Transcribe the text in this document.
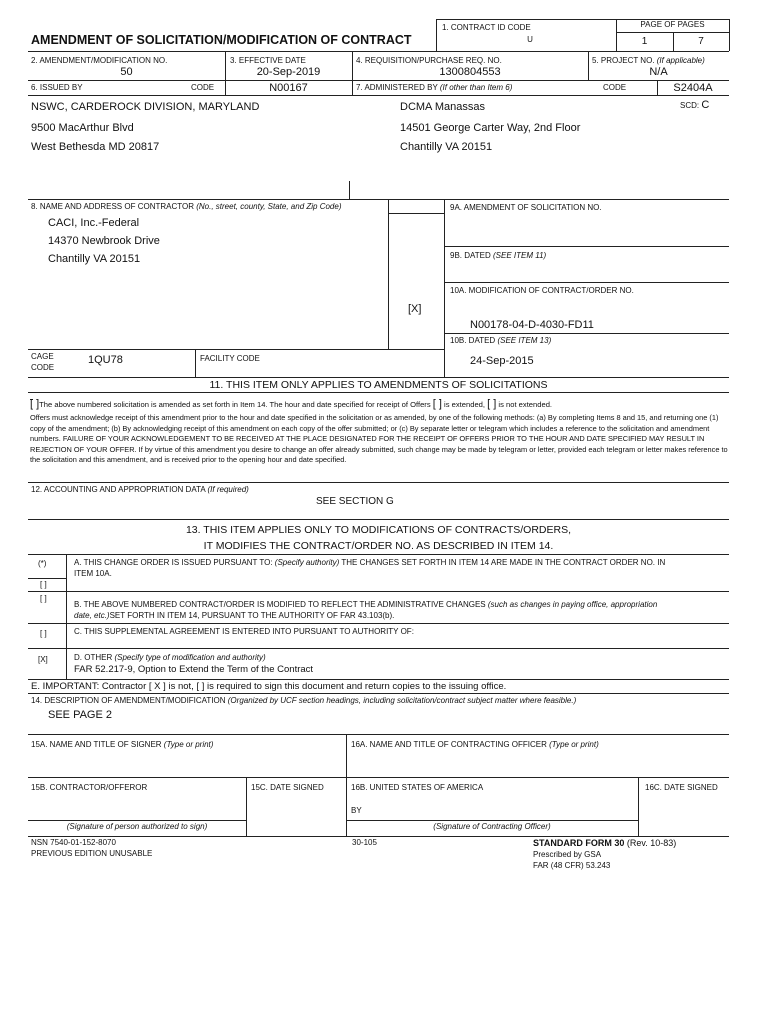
AMENDMENT OF SOLICITATION/MODIFICATION OF CONTRACT
1. CONTRACT ID CODE
U
PAGE OF PAGES
1	7
2. AMENDMENT/MODIFICATION NO.
50
3. EFFECTIVE DATE
20-Sep-2019
4. REQUISITION/PURCHASE REQ. NO.
1300804553
5. PROJECT NO. (If applicable)
N/A
6. ISSUED BY	CODE	N00167	7. ADMINISTERED BY (If other than Item 6)	CODE	S2404A
SCD: C
NSWC, CARDEROCK DIVISION, MARYLAND
9500 MacArthur Blvd
West Bethesda MD 20817
DCMA Manassas
14501 George Carter Way, 2nd Floor
Chantilly VA 20151
8. NAME AND ADDRESS OF CONTRACTOR (No., street, county, State, and Zip Code)
CACI, Inc.-Federal
14370 Newbrook Drive
Chantilly VA 20151
CAGE
CODE
1QU78	FACILITY CODE
9A. AMENDMENT OF SOLICITATION NO.
9B. DATED (SEE ITEM 11)
[X]
10A. MODIFICATION OF CONTRACT/ORDER NO.
N00178-04-D-4030-FD11
10B. DATED (SEE ITEM 13)
24-Sep-2015
11. THIS ITEM ONLY APPLIES TO AMENDMENTS OF SOLICITATIONS
[ ]The above numbered solicitation is amended as set forth in Item 14. The hour and date specified for receipt of Offers [ ] is extended, [ ] is not extended.
Offers must acknowledge receipt of this amendment prior to the hour and date specified in the solicitation or as amended, by one of the following methods: (a) By completing Items 8 and 15, and returning one (1) copy of the amendment; (b) By acknowledging receipt of this amendment on each copy of the offer submitted; or (c) By separate letter or telegram which includes a reference to the solicitation and amendment numbers. FAILURE OF YOUR ACKNOWLEDGEMENT TO BE RECEIVED AT THE PLACE DESIGNATED FOR THE RECEIPT OF OFFERS PRIOR TO THE HOUR AND DATE SPECIFIED MAY RESULT IN REJECTION OF YOUR OFFER. If by virtue of this amendment you desire to change an offer already submitted, such change may be made by telegram or letter, provided each telegram or letter makes reference to the solicitation and this amendment, and is received prior to the opening hour and date specified.
12. ACCOUNTING AND APPROPRIATION DATA (If required)
SEE SECTION G
13. THIS ITEM APPLIES ONLY TO MODIFICATIONS OF CONTRACTS/ORDERS,
IT MODIFIES THE CONTRACT/ORDER NO. AS DESCRIBED IN ITEM 14.
(*)	A. THIS CHANGE ORDER IS ISSUED PURSUANT TO: (Specify authority) THE CHANGES SET FORTH IN ITEM 14 ARE MADE IN THE CONTRACT ORDER NO. IN
ITEM 10A.
[ ]
[ ]
B. THE ABOVE NUMBERED CONTRACT/ORDER IS MODIFIED TO REFLECT THE ADMINISTRATIVE CHANGES (such as changes in paying office, appropriation
date, etc.)SET FORTH IN ITEM 14, PURSUANT TO THE AUTHORITY OF FAR 43.103(b).
[ ]	C. THIS SUPPLEMENTAL AGREEMENT IS ENTERED INTO PURSUANT TO AUTHORITY OF:
[X]	D. OTHER (Specify type of modification and authority)
FAR 52.217-9, Option to Extend the Term of the Contract
E. IMPORTANT: Contractor [ X ] is not, [ ] is required to sign this document and return copies to the issuing office.
14. DESCRIPTION OF AMENDMENT/MODIFICATION (Organized by UCF section headings, including solicitation/contract subject matter where feasible.)
SEE PAGE 2
15A. NAME AND TITLE OF SIGNER (Type or print)	16A. NAME AND TITLE OF CONTRACTING OFFICER (Type or print)
15B. CONTRACTOR/OFFEROR	15C. DATE SIGNED	16B. UNITED STATES OF AMERICA	16C. DATE SIGNED
BY
(Signature of person authorized to sign)	(Signature of Contracting Officer)
NSN 7540-01-152-8070
PREVIOUS EDITION UNUSABLE
30-105	STANDARD FORM 30 (Rev. 10-83)
Prescribed by GSA
FAR (48 CFR) 53.243
